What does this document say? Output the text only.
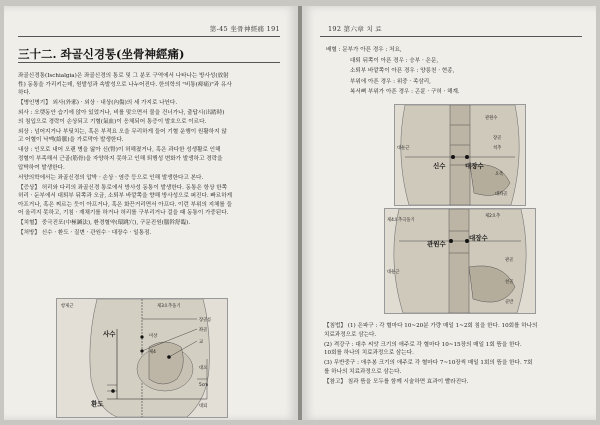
第-45 坐骨神經痛 191
三十二. 좌골신경통(坐骨神經痛)
좌골신경통(Ischialgia)은 좌골신경의 통로 및 그 분포 구역에서 나타나는 방사성(放射
性) 동통을 가리키는데, 원발성과 속발성으로 나누어진다. 한의학의 "비통(痺痛)"과 유사
하다.
【병인병기】 외사(外邪) · 외상 · 내상(內傷)의 세 가지로 나뉜다.
외사 : 오랫동안 습기에 앉아 있었거나, 비를 맞으면서 물을 건너가나, 출답시(出踏時)
의 침입으로 경락이 손상되고 기혈(氣血)이 응체되어 통증이 발호으로 이르다.
외상 : 넘어지거나 부딪치는, 혹은 부적요 오을 무리하게 들어 기혈 운행이 원활하지 않
고 어혈이 낙맥(絡脈)을 가로막아 발생한다.
내상 : 인모로 내어 오랜 병을 앓아 신(腎)이 허해졌거나, 혹은 과다한 성생활로 인해
정혈이 부족해서 근골(筋骨)을 자양하지 못하고 인해 퇴행성 변화가 발생하고 경락을
압박하여 발생한다.
서양의학에서는 좌골신경의 압박 · 손상 · 염증 등으로 인해 발생한다고 본다.
【증상】 허리와 다리의 좌골신경 통로에서 방사성 동통이 발생한다. 동통은 항상 한쪽
허리 · 둔부에서 대퇴부 뒤쪽과 오금, 소퇴부 바깥쪽을 향해 방사성으로 퍼진다. 빠르하게
아프거나, 혹은 찌르는 듯이 아프거나, 혹은 화끈거리면서 아프다. 이런 부위의 지체를 들
어 올리지 못하고, 기침 · 재채기를 하거나 허리를 구부리거나 걸을 때 동통이 가중된다.
【치혈】 중극진포(中極鍼法), 환경혈약(環跳穴), 구문진원(腦幹舒臨).
【처방】 신수 · 환도 · 질변 · 관원수 · 대장수 · 일통점.
항제근	제3요추돌기
사수
장골릉
좌골
교
미상
제4
대요
5cm
환도	대퇴
192 第六章 치 료
배혈 : 문부가 아픈 경우 : 처요,
대퇴 뒤쪽이 아픈 경우 : 승부 · 은문,
소퇴부 바깥쪽이 아픈 경우 : 양릉천 · 현종,
부위에 아픈 경우 : 위중 · 족삼리,
복서뼈 부위가 아픈 경우 : 곤륜 · 구허 · 해계.
신수	대장수
관원수
장골
척추
대둔근
요측
대좌골
관원수
대장수
제2요추
제4요추극돌기
관골
대둔근
천골
골반
【침법】 (1) 은파구 : 각 혈마다 10~20분 가량 매일 1~2회 침을 한다. 10회를 하나의
치료과정으로 삼는다.
(2) 격강구 : 대추 씨앗 크기의 애주로 각 혈마다 10~15장의 매일 1회 뜸을 한다.
10회를 하나의 치료과정으로 삼는다.
(3) 무반중구 : 애추봉 크기의 애주로 각 혈마다 7~10장씩 매일 1회의 뜸을 한다. 7회
를 하나의 치료과정으로 삼는다.
【참고】 침과 뜸을 모두를 함께 시술하면 효과이 빨라진다.
